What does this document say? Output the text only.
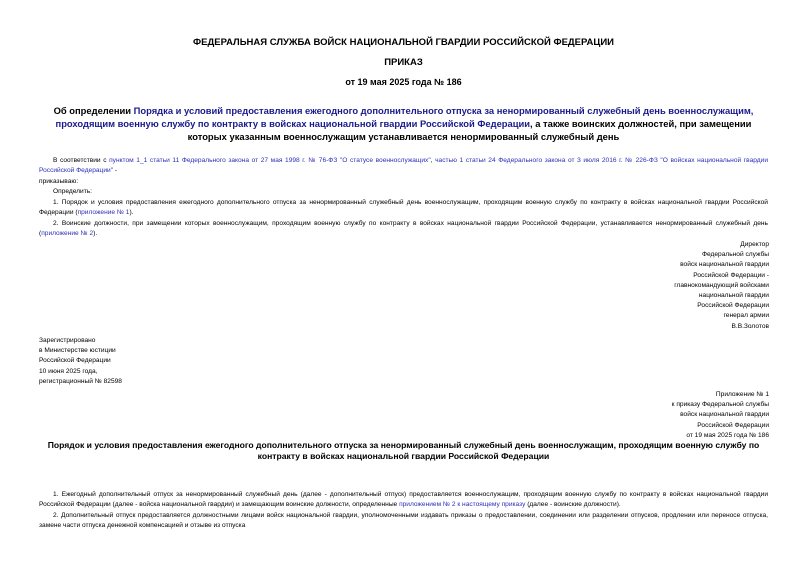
ФЕДЕРАЛЬНАЯ СЛУЖБА ВОЙСК НАЦИОНАЛЬНОЙ ГВАРДИИ РОССИЙСКОЙ ФЕДЕРАЦИИ
ПРИКАЗ
от 19 мая 2025 года № 186
Об определении Порядка и условий предоставления ежегодного дополнительного отпуска за ненормированный служебный день военнослужащим, проходящим военную службу по контракту в войсках национальной гвардии Российской Федерации, а также воинских должностей, при замещении которых указанным военнослужащим устанавливается ненормированный служебный день
В соответствии с пунктом 1_1 статьи 11 Федерального закона от 27 мая 1998 г. № 76-ФЗ "О статусе военнослужащих", частью 1 статьи 24 Федерального закона от 3 июля 2016 г. № 226-ФЗ "О войсках национальной гвардии Российской Федерации" -
приказываю:
Определить:
1. Порядок и условия предоставления ежегодного дополнительного отпуска за ненормированный служебный день военнослужащим, проходящим военную службу по контракту в войсках национальной гвардии Российской Федерации (приложение № 1).
2. Воинские должности, при замещении которых военнослужащим, проходящим военную службу по контракту в войсках национальной гвардии Российской Федерации, устанавливается ненормированный служебный день (приложение № 2).
Директор
Федеральной службы
войск национальной гвардии
Российской Федерации -
главнокомандующий войсками
национальной гвардии
Российской Федерации
генерал армии
В.В.Золотов
Зарегистрировано
в Министерстве юстиции
Российской Федерации
10 июня 2025 года,
регистрационный № 82598
Приложение № 1
к приказу Федеральной службы
войск национальной гвардии
Российской Федерации
от 19 мая 2025 года № 186
Порядок и условия предоставления ежегодного дополнительного отпуска за ненормированный служебный день военнослужащим, проходящим военную службу по контракту в войсках национальной гвардии Российской Федерации
1. Ежегодный дополнительный отпуск за ненормированный служебный день (далее - дополнительный отпуск) предоставляется военнослужащим, проходящим военную службу по контракту в войсках национальной гвардии Российской Федерации (далее - войска национальной гвардии) и замещающим воинские должности, определенные приложением № 2 к настоящему приказу (далее - воинские должности).
2. Дополнительный отпуск предоставляется должностными лицами войск национальной гвардии, уполномоченными издавать приказы о предоставлении, соединении или разделении отпусков, продлении или переносе отпуска, замене части отпуска денежной компенсацией и отзыве из отпуска
